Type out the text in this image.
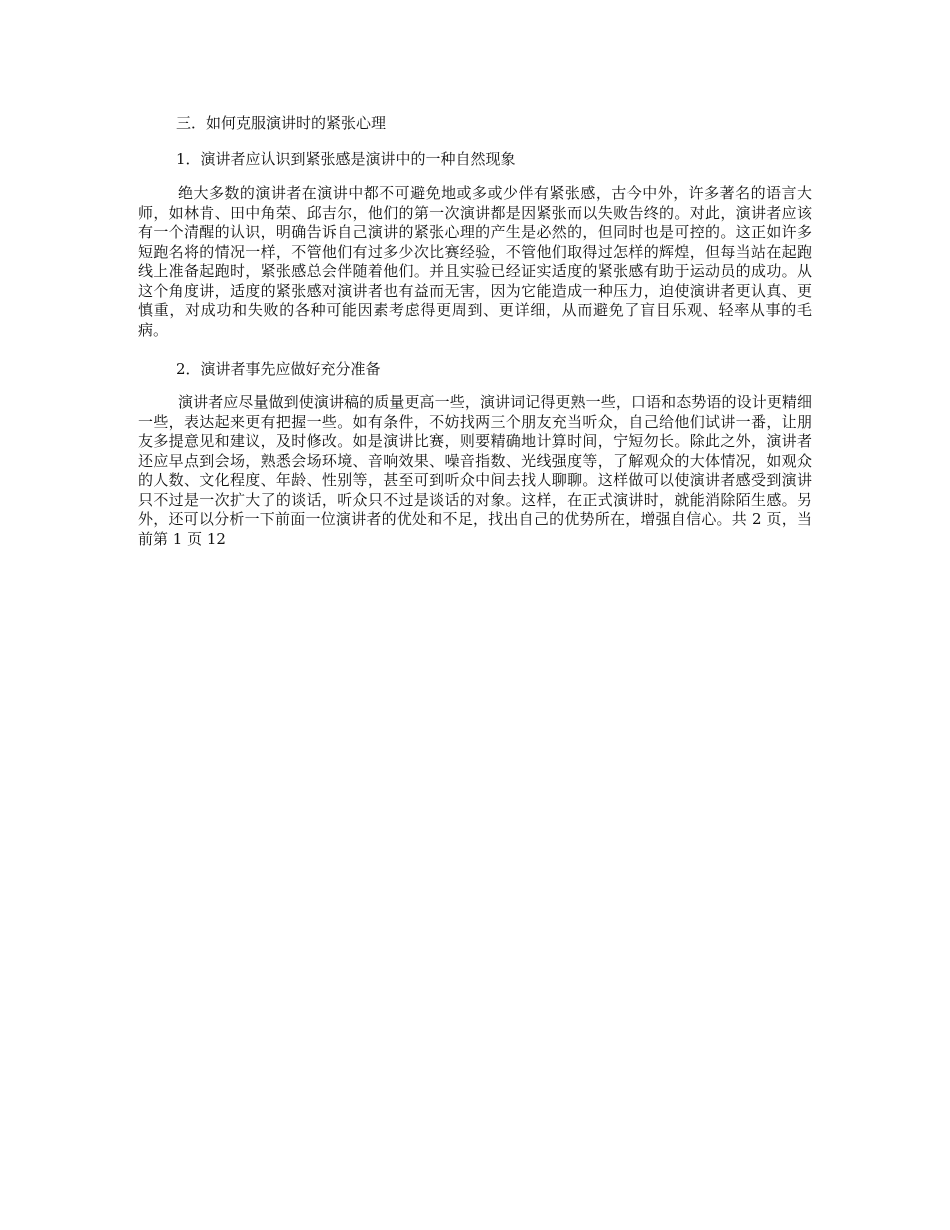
三．如何克服演讲时的紧张心理

1．演讲者应认识到紧张感是演讲中的一种自然现象

绝大多数的演讲者在演讲中都不可避免地或多或少伴有紧张感，古今中外，许多著名的语言大师，如林肯、田中角荣、邱吉尔，他们的第一次演讲都是因紧张而以失败告终的。对此，演讲者应该有一个清醒的认识，明确告诉自己演讲的紧张心理的产生是必然的，但同时也是可控的。这正如许多短跑名将的情况一样，不管他们有过多少次比赛经验，不管他们取得过怎样的辉煌，但每当站在起跑线上准备起跑时，紧张感总会伴随着他们。并且实验已经证实适度的紧张感有助于运动员的成功。从这个角度讲，适度的紧张感对演讲者也有益而无害，因为它能造成一种压力，迫使演讲者更认真、更慎重，对成功和失败的各种可能因素考虑得更周到、更详细，从而避免了盲目乐观、轻率从事的毛病。

2．演讲者事先应做好充分准备

演讲者应尽量做到使演讲稿的质量更高一些，演讲词记得更熟一些，口语和态势语的设计更精细一些，表达起来更有把握一些。如有条件，不妨找两三个朋友充当听众，自己给他们试讲一番，让朋友多提意见和建议，及时修改。如是演讲比赛，则要精确地计算时间，宁短勿长。除此之外，演讲者还应早点到会场，熟悉会场环境、音响效果、噪音指数、光线强度等，了解观众的大体情况，如观众的人数、文化程度、年龄、性别等，甚至可到听众中间去找人聊聊。这样做可以使演讲者感受到演讲只不过是一次扩大了的谈话，听众只不过是谈话的对象。这样，在正式演讲时，就能消除陌生感。另外，还可以分析一下前面一位演讲者的优处和不足，找出自己的优势所在，增强自信心。共 2 页，当前第 1 页 12
